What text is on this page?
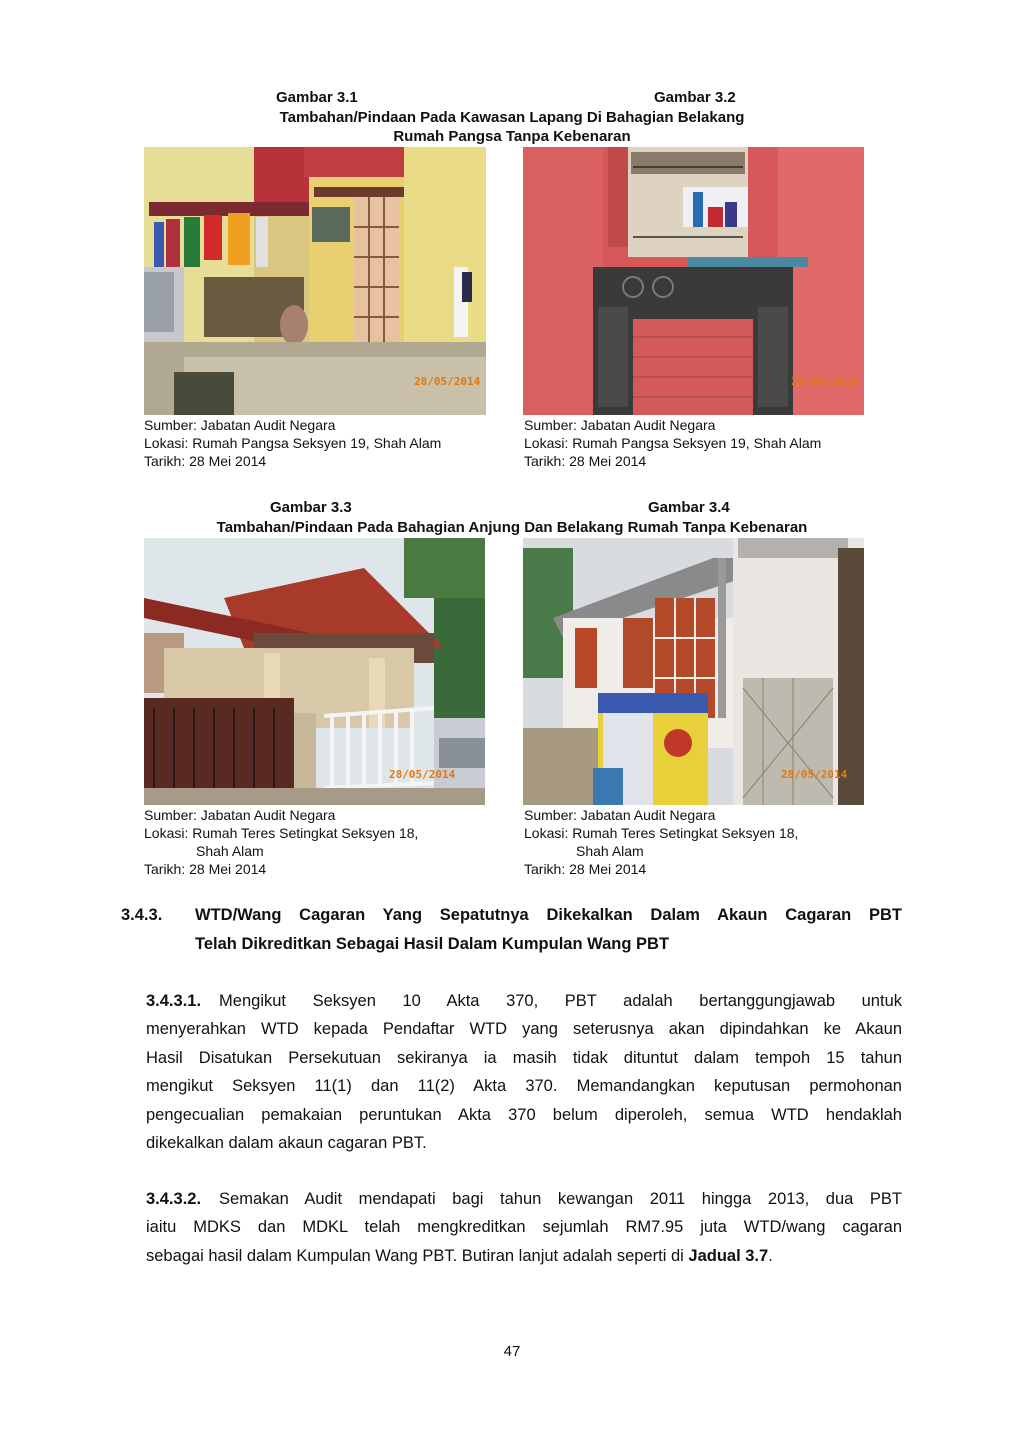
Gambar 3.1	Gambar 3.2
Tambahan/Pindaan Pada Kawasan Lapang Di Bahagian Belakang
Rumah Pangsa Tanpa Kebenaran
28/05/2014	28/05/2014
Sumber: Jabatan Audit Negara
Lokasi: Rumah Pangsa Seksyen 19, Shah Alam
Tarikh: 28 Mei 2014
Sumber: Jabatan Audit Negara
Lokasi: Rumah Pangsa Seksyen 19, Shah Alam
Tarikh: 28 Mei 2014
Gambar 3.3	Gambar 3.4
Tambahan/Pindaan Pada Bahagian Anjung Dan Belakang Rumah Tanpa Kebenaran
28/05/2014	28/05/2014
Sumber: Jabatan Audit Negara
Lokasi: Rumah Teres Setingkat Seksyen 18,
Shah Alam
Tarikh: 28 Mei 2014
Sumber: Jabatan Audit Negara
Lokasi: Rumah Teres Setingkat Seksyen 18,
Shah Alam
Tarikh: 28 Mei 2014
3.4.3. WTD/Wang Cagaran Yang Sepatutnya Dikekalkan Dalam Akaun Cagaran PBT
Telah Dikreditkan Sebagai Hasil Dalam Kumpulan Wang PBT
3.4.3.1. Mengikut Seksyen 10 Akta 370, PBT adalah bertanggungjawab untuk
menyerahkan WTD kepada Pendaftar WTD yang seterusnya akan dipindahkan ke Akaun
Hasil Disatukan Persekutuan sekiranya ia masih tidak dituntut dalam tempoh 15 tahun
mengikut Seksyen 11(1) dan 11(2) Akta 370. Memandangkan keputusan permohonan
pengecualian pemakaian peruntukan Akta 370 belum diperoleh, semua WTD hendaklah
dikekalkan dalam akaun cagaran PBT.
3.4.3.2. Semakan Audit mendapati bagi tahun kewangan 2011 hingga 2013, dua PBT
iaitu MDKS dan MDKL telah mengkreditkan sejumlah RM7.95 juta WTD/wang cagaran
sebagai hasil dalam Kumpulan Wang PBT. Butiran lanjut adalah seperti di Jadual 3.7.
47
